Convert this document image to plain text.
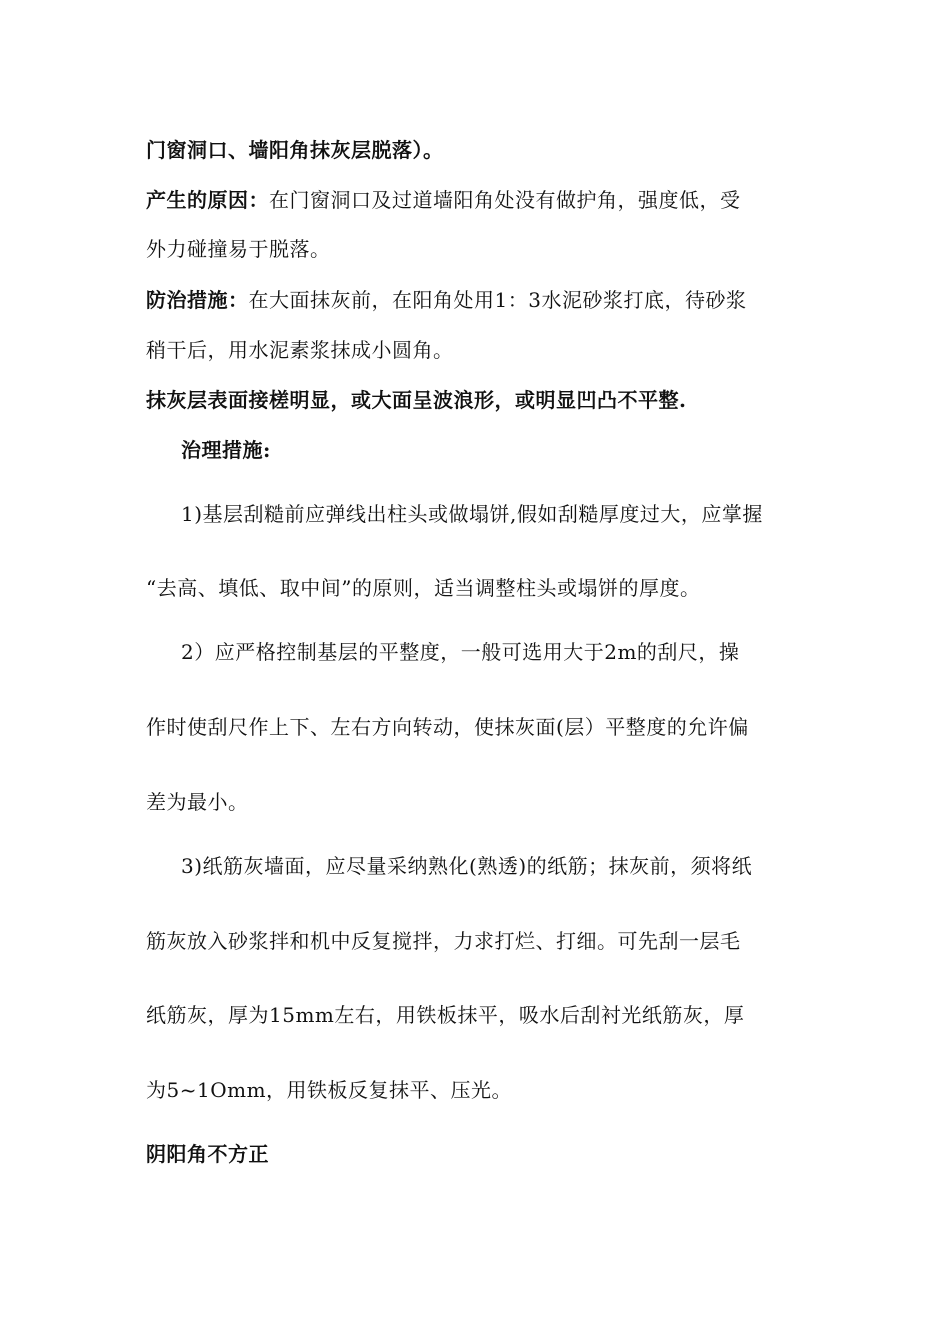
门窗洞口、墙阳角抹灰层脱落）。
产生的原因：在门窗洞口及过道墙阳角处没有做护角，强度低，受
外力碰撞易于脱落。
防治措施：在大面抹灰前，在阳角处用1：3水泥砂浆打底，待砂浆
稍干后，用水泥素浆抹成小圆角。
抹灰层表面接槎明显，或大面呈波浪形，或明显凹凸不平整.
治理措施:
1)基层刮糙前应弹线出柱头或做塌饼,假如刮糙厚度过大，应掌握
“去高、填低、取中间”的原则，适当调整柱头或塌饼的厚度。
2）应严格控制基层的平整度，一般可选用大于2m的刮尺，操
作时使刮尺作上下、左右方向转动，使抹灰面(层）平整度的允许偏
差为最小。
3)纸筋灰墙面，应尽量采纳熟化(熟透)的纸筋；抹灰前，须将纸
筋灰放入砂浆拌和机中反复搅拌，力求打烂、打细。可先刮一层毛
纸筋灰，厚为15mm左右，用铁板抹平，吸水后刮衬光纸筋灰，厚
为5~1Omm，用铁板反复抹平、压光。
阴阳角不方正
